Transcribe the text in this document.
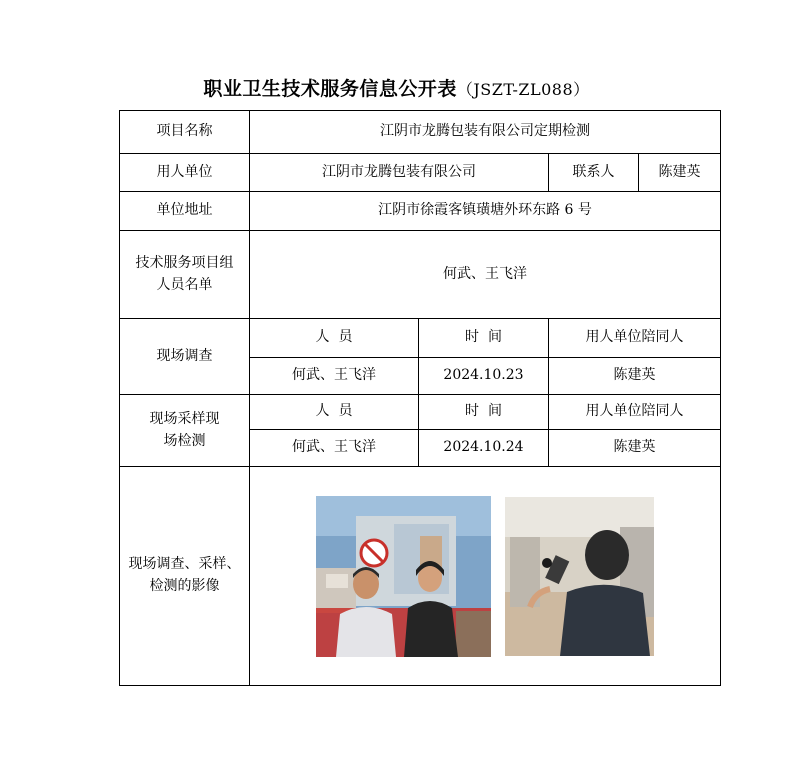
职业卫生技术服务信息公开表（JSZT-ZL088）
项目名称	江阴市龙腾包装有限公司定期检测			
用人单位	江阴市龙腾包装有限公司		联系人	陈建英
单位地址	江阴市徐霞客镇璜塘外环东路 6 号			
技术服务项目组人员名单	何武、王飞洋			
现场调查	人  员	时  间	用人单位陪同人	
	何武、王飞洋	2024.10.23	陈建英	
现场采样现场检测	人  员	时  间	用人单位陪同人	
	何武、王飞洋	2024.10.24	陈建英	
现场调查、采样、检测的影像	
